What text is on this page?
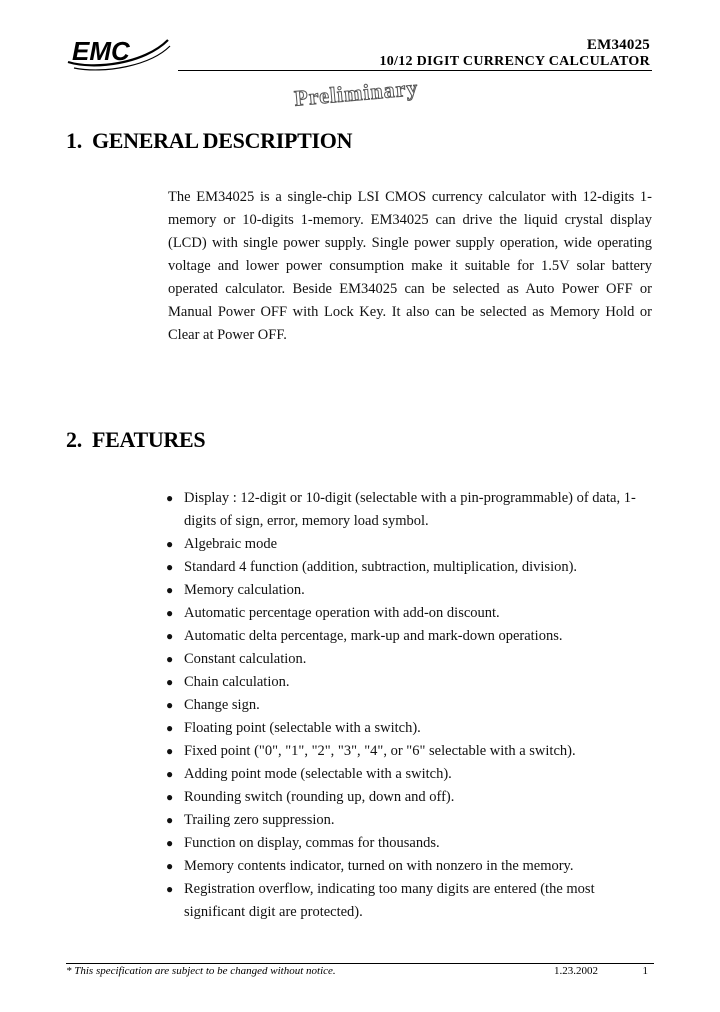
EMC	EM34025
10/12 DIGIT CURRENCY CALCULATOR
Preliminary
1. GENERAL DESCRIPTION
The EM34025 is a single-chip LSI CMOS currency calculator with 12-digits 1-memory or 10-digits 1-memory. EM34025 can drive the liquid crystal display (LCD) with single power supply. Single power supply operation, wide operating voltage and lower power consumption make it suitable for 1.5V solar battery operated calculator. Beside EM34025 can be selected as Auto Power OFF or Manual Power OFF with Lock Key. It also can be selected as Memory Hold or Clear at Power OFF.
2. FEATURES
● Display : 12-digit or 10-digit (selectable with a pin-programmable) of data, 1-digits of sign, error, memory load symbol.
● Algebraic mode
● Standard 4 function (addition, subtraction, multiplication, division).
● Memory calculation.
● Automatic percentage operation with add-on discount.
● Automatic delta percentage, mark-up and mark-down operations.
● Constant calculation.
● Chain calculation.
● Change sign.
● Floating point (selectable with a switch).
● Fixed point ("0", "1", "2", "3", "4", or "6" selectable with a switch).
● Adding point mode (selectable with a switch).
● Rounding switch (rounding up, down and off).
● Trailing zero suppression.
● Function on display, commas for thousands.
● Memory contents indicator, turned on with nonzero in the memory.
● Registration overflow, indicating too many digits are entered (the most significant digit are protected).
* This specification are subject to be changed without notice.	1.23.2002	1
